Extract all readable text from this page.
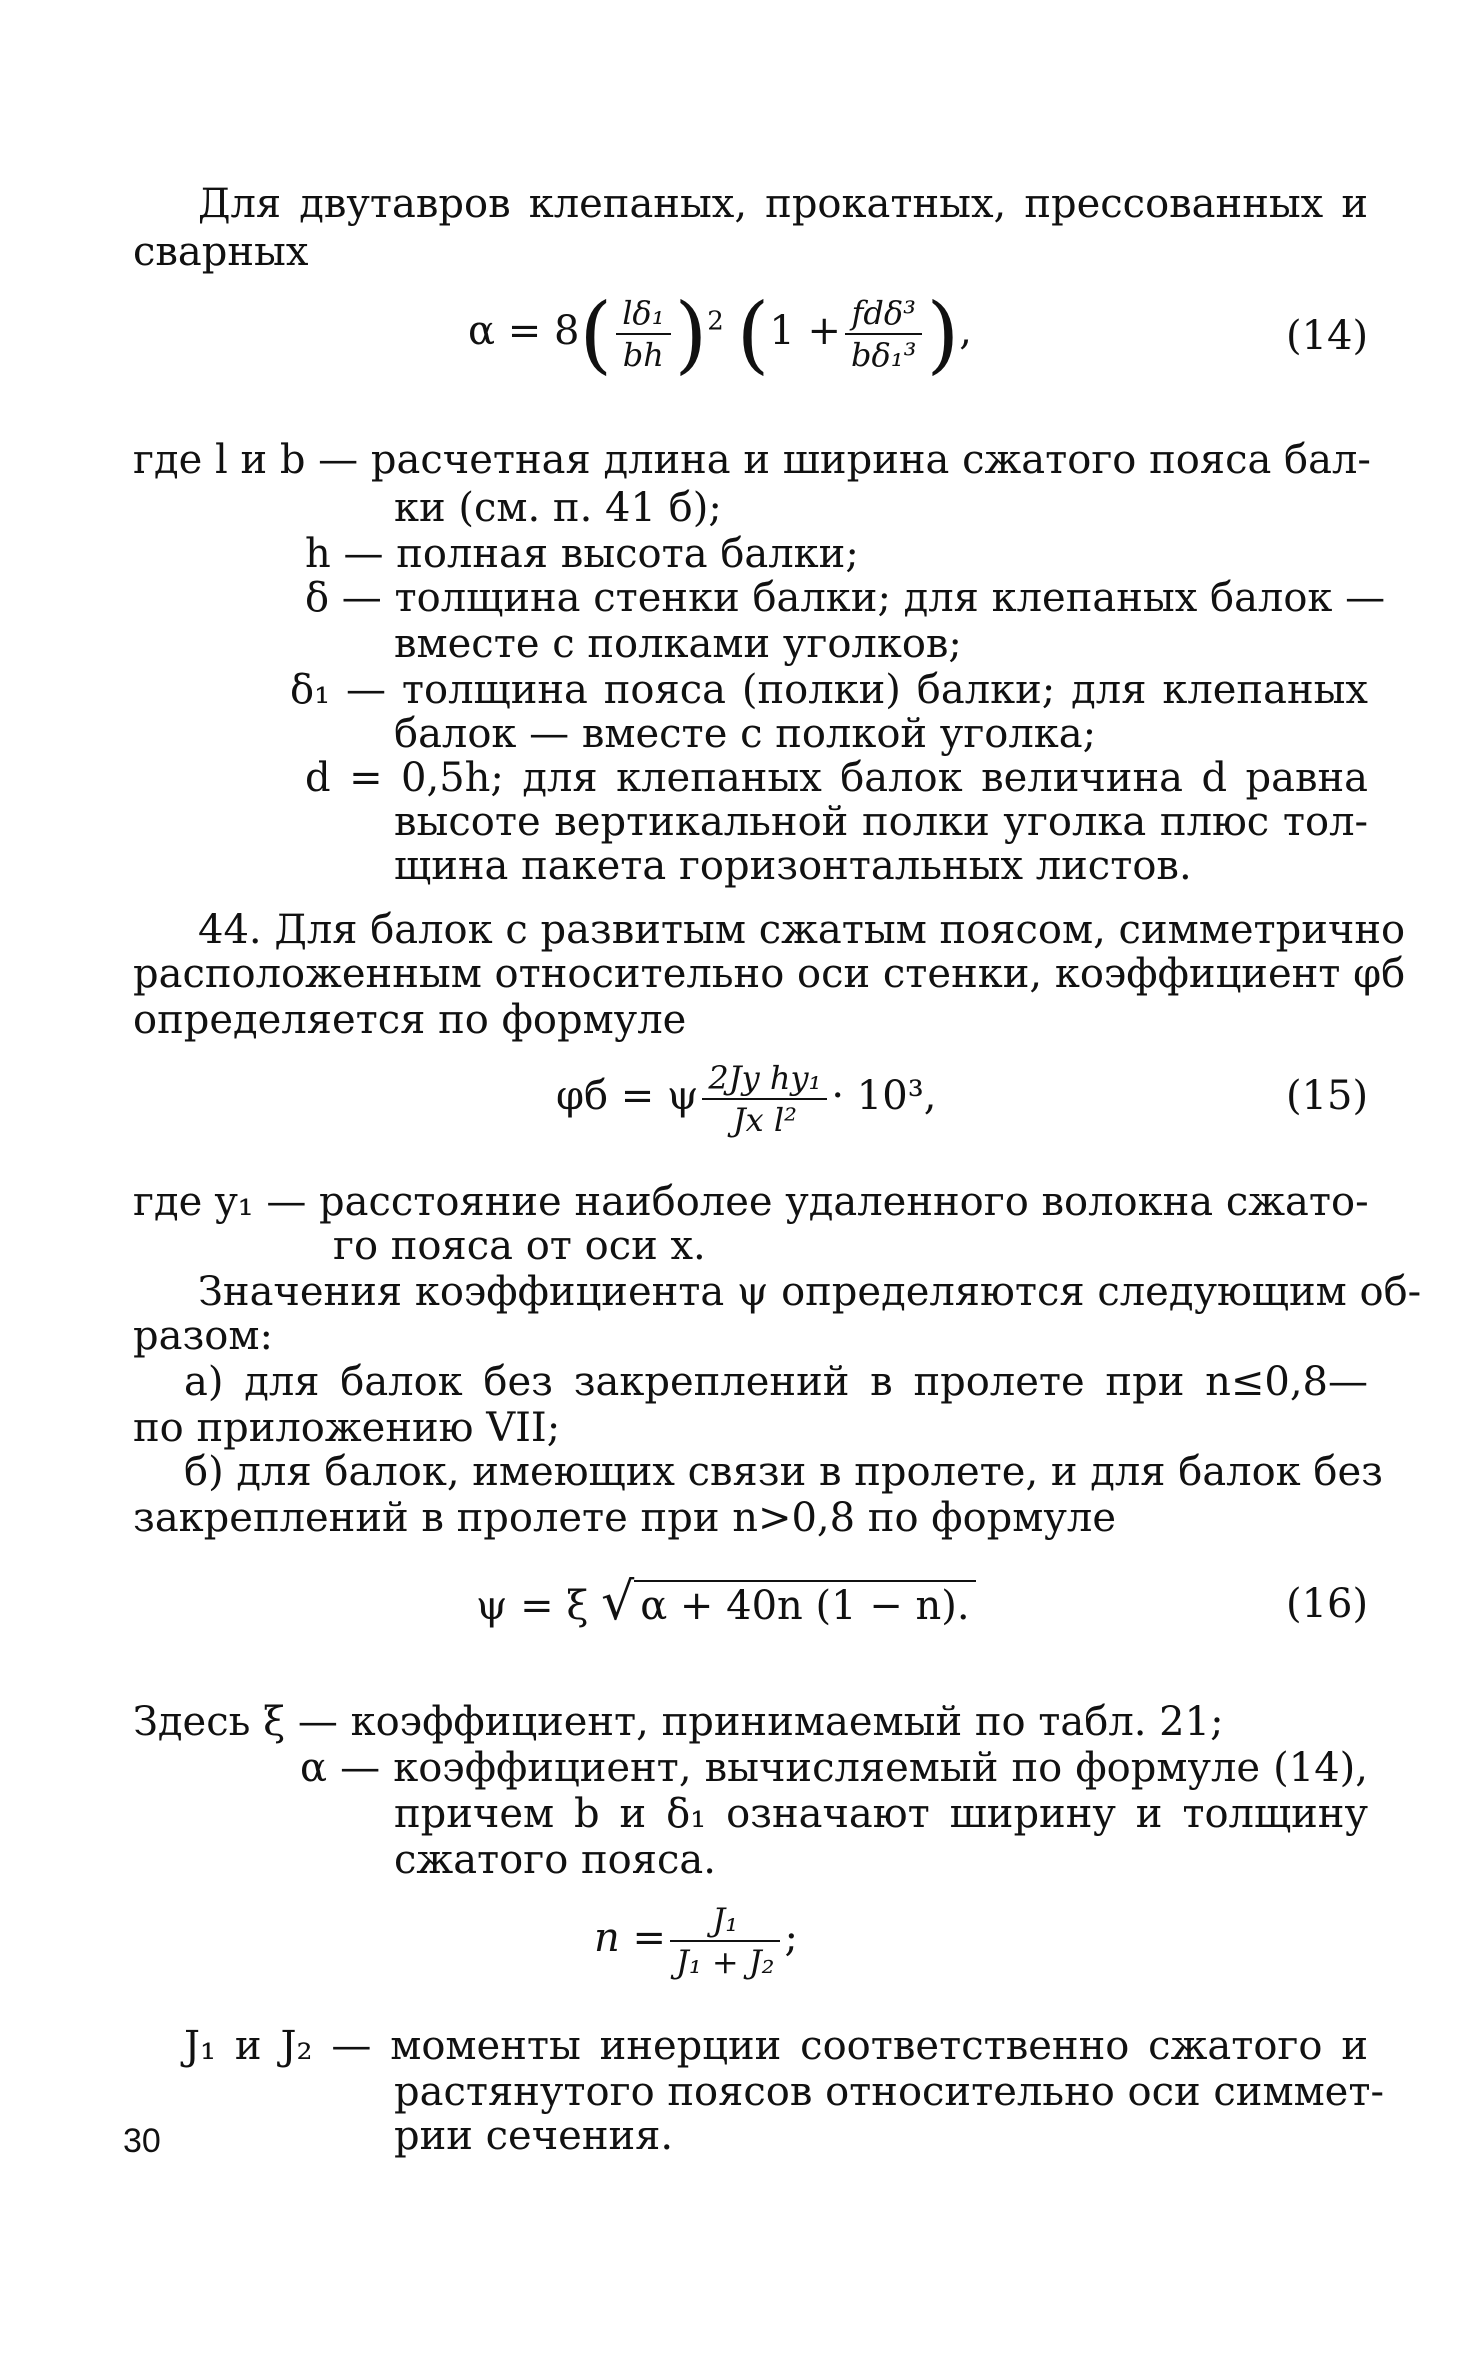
Для двутавров клепаных, прокатных, прессованных и
сварных
$\alpha = 8( \frac{\text{lδ₁}}{bh} )^2$ ($1 + \frac{\text{fdδ³}}{\text{bδ₁³}}$ ),	(14)
где l и b — расчетная длина и ширина сжатого пояса бал-
ки (см. п. 41 б);
h — полная высота балки;
δ — толщина стенки балки; для клепаных балок —
вместе с полками уголков;
δ₁ — толщина пояса (полки) балки; для клепаных
балок — вместе с полкой уголка;
d = 0,5h; для клепаных балок величина d равна
высоте вертикальной полки уголка плюс тол-
щина пакета горизонтальных листов.
44. Для балок с развитым сжатым поясом, симметрично
расположенным относительно оси стенки, коэффициент φб
определяется по формуле
φб = ψ $\frac{\text{2Jy hy₁}}{\text{Jx l²}} \cdot 10^3$,	(15)
где y₁ — расстояние наиболее удаленного волокна сжато-
го пояса от оси x.
Значения коэффициента ψ определяются следующим об-
разом:
а) для балок без закреплений в пролете при n≤0,8—
по приложению VII;
б) для балок, имеющих связи в пролете, и для балок без
закреплений в пролете при n>0,8 по формуле
ψ = ξ √ α + 40n (1 − n).	(16)
Здесь ξ — коэффициент, принимаемый по табл. 21;
α — коэффициент, вычисляемый по формуле (14),
причем b и δ₁ означают ширину и толщину
сжатого пояса.
$n = \frac{\text{J₁}}{\text{J₁ + J₂}}$ ;
J₁ и J₂ — моменты инерции соответственно сжатого и
растянутого поясов относительно оси симмет-
рии сечения.
30
